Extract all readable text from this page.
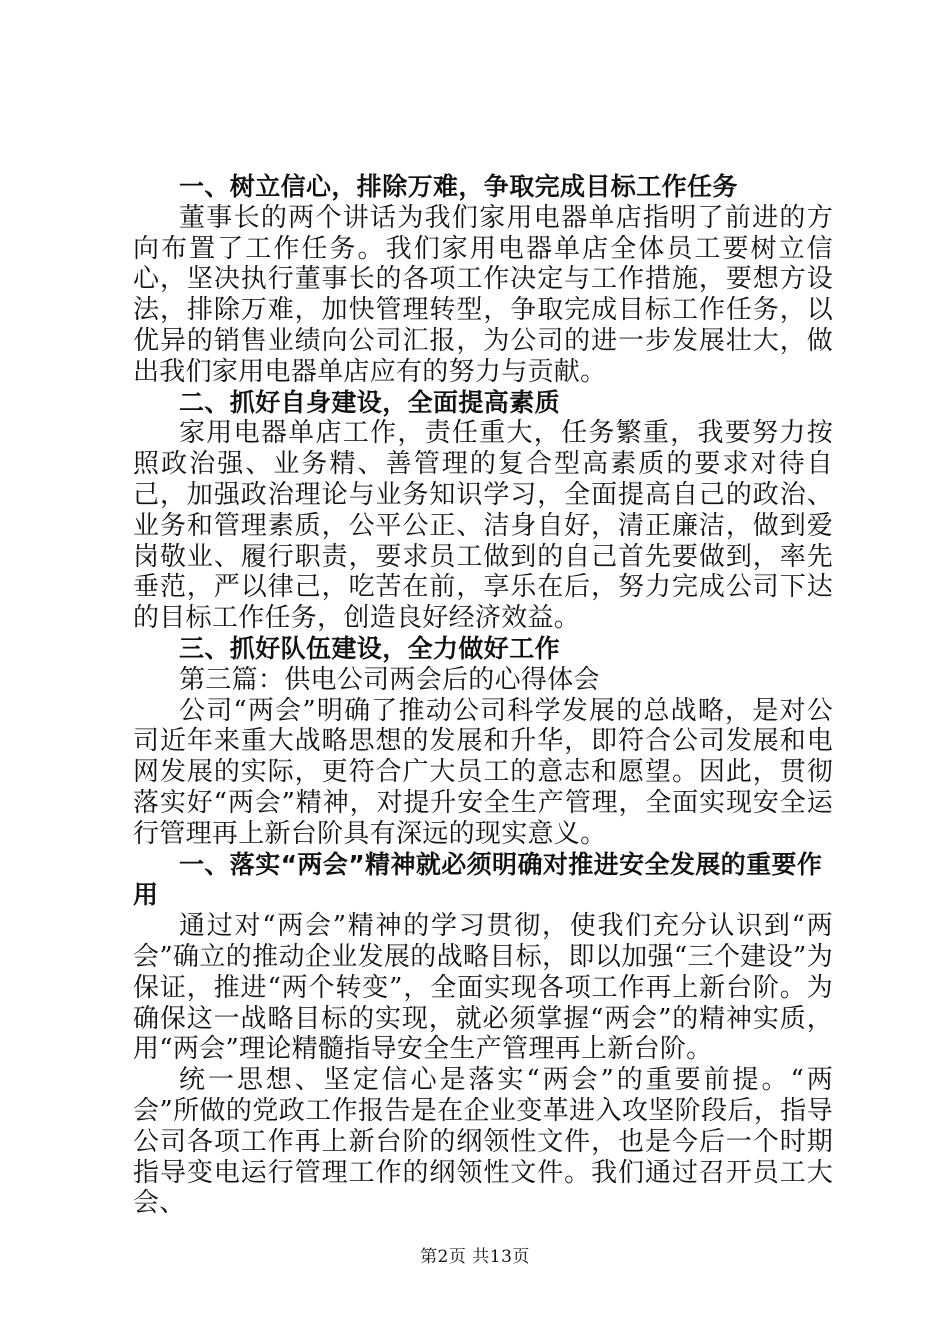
一、树立信心，排除万难，争取完成目标工作任务

董事长的两个讲话为我们家用电器单店指明了前进的方向布置了工作任务。我们家用电器单店全体员工要树立信心，坚决执行董事长的各项工作决定与工作措施，要想方设法，排除万难，加快管理转型，争取完成目标工作任务，以优异的销售业绩向公司汇报，为公司的进一步发展壮大，做出我们家用电器单店应有的努力与贡献。

二、抓好自身建设，全面提高素质

家用电器单店工作，责任重大，任务繁重，我要努力按照政治强、业务精、善管理的复合型高素质的要求对待自己，加强政治理论与业务知识学习，全面提高自己的政治、业务和管理素质，公平公正、洁身自好，清正廉洁，做到爱岗敬业、履行职责，要求员工做到的自己首先要做到，率先垂范，严以律己，吃苦在前，享乐在后，努力完成公司下达的目标工作任务，创造良好经济效益。

三、抓好队伍建设，全力做好工作

第三篇：供电公司两会后的心得体会

公司“两会”明确了推动公司科学发展的总战略，是对公司近年来重大战略思想的发展和升华，即符合公司发展和电网发展的实际，更符合广大员工的意志和愿望。因此，贯彻落实好“两会”精神，对提升安全生产管理，全面实现安全运行管理再上新台阶具有深远的现实意义。

一、落实“两会”精神就必须明确对推进安全发展的重要作用

通过对“两会”精神的学习贯彻，使我们充分认识到“两会”确立的推动企业发展的战略目标，即以加强“三个建设”为保证，推进“两个转变”，全面实现各项工作再上新台阶。为确保这一战略目标的实现，就必须掌握“两会”的精神实质，用“两会”理论精髓指导安全生产管理再上新台阶。

统一思想、坚定信心是落实“两会”的重要前提。“两会”所做的党政工作报告是在企业变革进入攻坚阶段后，指导公司各项工作再上新台阶的纲领性文件，也是今后一个时期指导变电运行管理工作的纲领性文件。我们通过召开员工大会、

第2页 共13页
